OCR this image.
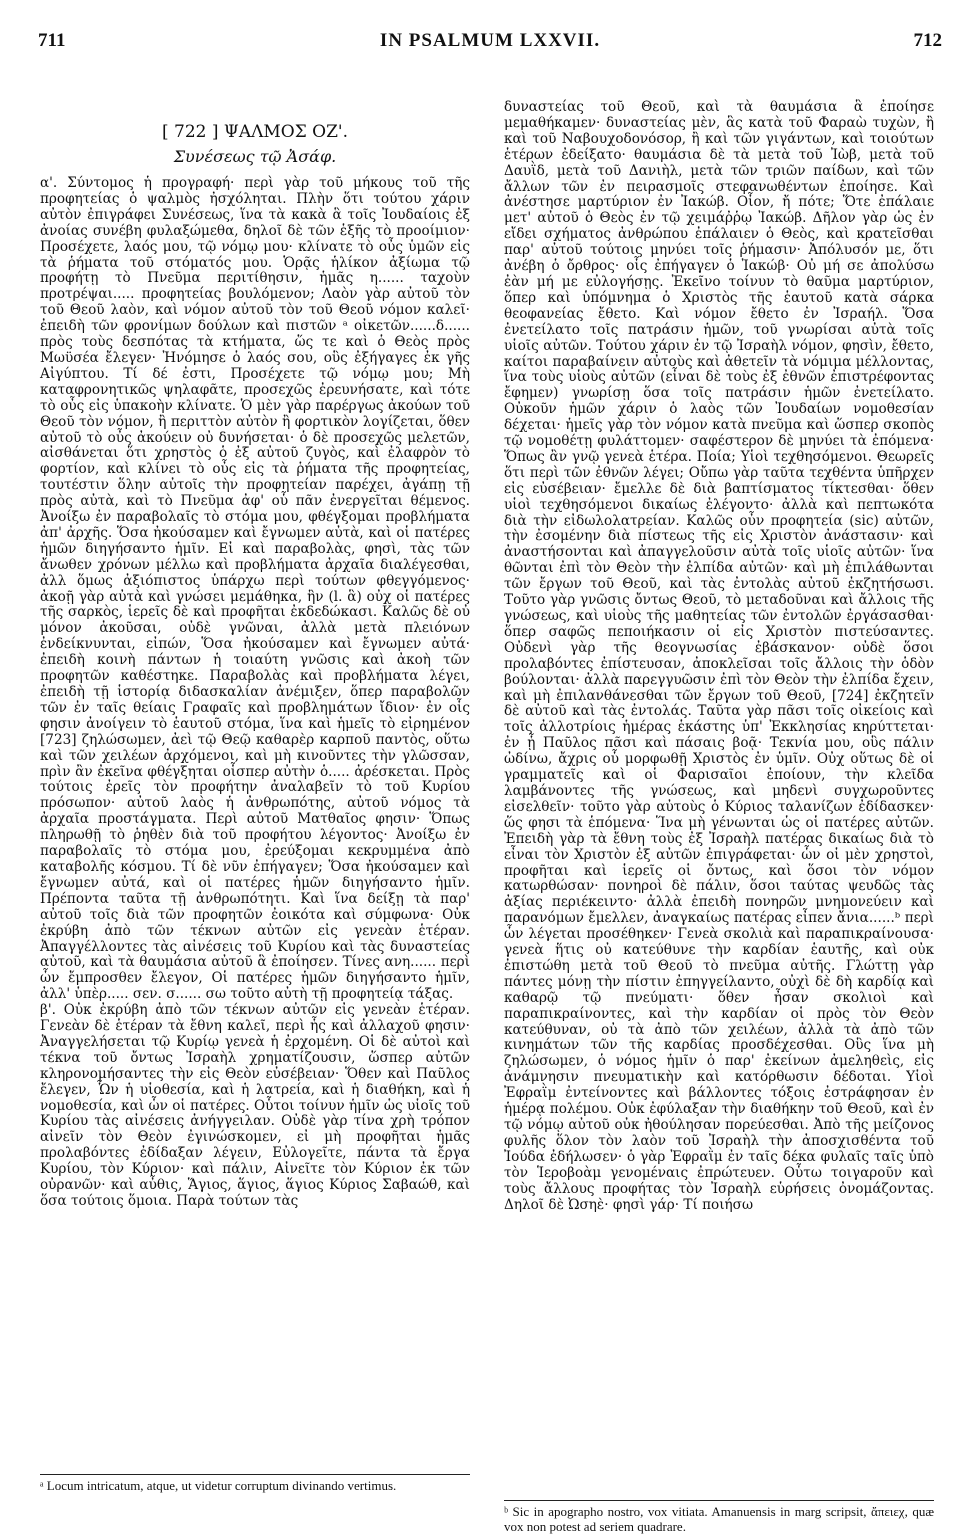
711	IN PSALMUM LXXVII.	712
[ 722 ] ΨΑΛΜΟΣ ΟΖ'.
Συνέσεως τῷ Ἀσάφ.

α'. Σύντομος ἡ προγραφή· περὶ γὰρ τοῦ μήκους τοῦ τῆς προφητείας ὁ ψαλμὸς ἠσχόληται. Πλὴν ὅτι τούτου χάριν αὐτὸν ἐπιγράφει Συνέσεως, ἵνα τὰ κακὰ ἃ τοῖς Ἰουδαίοις ἐξ ἀνοίας συνέβη φυλαξώμεθα, δηλοῖ δὲ τῶν ἑξῆς τὸ προοίμιον· Προσέχετε, λαός μου, τῷ νόμῳ μου· κλίνατε τὸ οὖς ὑμῶν εἰς τὰ ῥήματα τοῦ στόματός μου. Ὁρᾷς ἡλίκον ἀξίωμα τῷ προφήτῃ τὸ Πνεῦμα περιτίθησιν, ἡμᾶς η...... ταχοὺν προτρέψαι..... προφητείας βουλόμενον; Λαὸν γὰρ αὐτοῦ τὸν τοῦ Θεοῦ λαὸν, καὶ νόμον αὐτοῦ τὸν τοῦ Θεοῦ νόμον καλεῖ· ἐπειδὴ τῶν φρονίμων δούλων καὶ πιστῶν ᵃ οἰκετῶν......δ...... πρὸς τοὺς δεσπότας τὰ κτήματα, ὥς τε καὶ ὁ Θεὸς πρὸς Μωϋσέα ἔλεγεν· Ἠνόμησε ὁ λαός σου, οὓς ἐξήγαγες ἐκ γῆς Αἰγύπτου. Τί δέ ἐστι, Προσέχετε τῷ νόμῳ μου; Μὴ καταφρονητικῶς ψηλαφᾶτε, προσεχῶς ἐρευνήσατε, καὶ τότε τὸ οὖς εἰς ὑπακοὴν κλίνατε. Ὁ μὲν γὰρ παρέργως ἀκούων τοῦ Θεοῦ τὸν νόμον, ἢ περιττὸν αὐτὸν ἢ φορτικὸν λογίζεται, ὅθεν αὐτοῦ τὸ οὖς ἀκούειν οὐ δυνήσεται· ὁ δὲ προσεχῶς μελετῶν, αἰσθάνεται ὅτι χρηστὸς ὁ ἐξ αὐτοῦ ζυγὸς, καὶ ἐλαφρὸν τὸ φορτίον, καὶ κλίνει τὸ οὖς εἰς τὰ ῥήματα τῆς προφητείας, τουτέστιν ὅλην αὐτοῖς τὴν προφητείαν παρέχει, ἀγάπῃ τῇ πρὸς αὐτὰ, καὶ τὸ Πνεῦμα ἀφ' οὗ πᾶν ἐνεργεῖται θέμενος. Ἀνοίξω ἐν παραβολαῖς τὸ στόμα μου, φθέγξομαι προβλήματα ἀπ' ἀρχῆς. Ὅσα ἠκούσαμεν καὶ ἔγνωμεν αὐτὰ, καὶ οἱ πατέρες ἡμῶν διηγήσαντο ἡμῖν. Εἰ καὶ παραβολὰς, φησὶ, τὰς τῶν ἄνωθεν χρόνων μέλλω καὶ προβλήματα ἀρχαῖα διαλέγεσθαι, ἀλλ ὅμως ἀξιόπιστος ὑπάρχω περὶ τούτων φθεγγόμενος· ἀκοῇ γὰρ αὐτὰ καὶ γνώσει μεμάθηκα, ἣν (l. ἃ) οὐχ οἱ πατέρες τῆς σαρκὸς, ἱερεῖς δὲ καὶ προφῆται ἐκδεδώκασι. Καλῶς δὲ οὐ μόνον ἀκοῦσαι, οὐδὲ γνῶναι, ἀλλὰ μετὰ πλειόνων ἐνδείκνυνται, εἰπών, Ὅσα ἠκούσαμεν καὶ ἔγνωμεν αὐτά· ἐπειδὴ κοινὴ πάντων ἡ τοιαύτη γνῶσις καὶ ἀκοὴ τῶν προφητῶν καθέστηκε. Παραβολὰς καὶ προβλήματα λέγει, ἐπειδὴ τῇ ἱστορίᾳ διδασκαλίαν ἀνέμιξεν, ὅπερ παραβολῶν τῶν ἐν ταῖς θείαις Γραφαῖς καὶ προβλημάτων ἴδιον· ἐν οἷς φησιν ἀνοίγειν τὸ ἑαυτοῦ στόμα, ἵνα καὶ ἡμεῖς τὸ εἰρημένον [723] ζηλώσωμεν, ἀεὶ τῷ Θεῷ καθαρὲρ καρποῦ παντὸς, οὕτω καὶ τῶν χειλέων ἀρχόμενοι, καὶ μὴ κινοῦντες τὴν γλῶσσαν, πρὶν ἂν ἐκεῖνα φθέγξηται οἷσπερ αὐτὴν ὁ..... ἀρέσκεται. Πρὸς τούτοις ἐρεῖς τὸν προφήτην ἀναλαβεῖν τὸ τοῦ Κυρίου πρόσωπον· αὐτοῦ λαὸς ἡ ἀνθρωπότης, αὐτοῦ νόμος τὰ ἀρχαῖα προστάγματα. Περὶ αὐτοῦ Ματθαῖος φησιν· Ὅπως πληρωθῇ τὸ ῥηθὲν διὰ τοῦ προφήτου λέγοντος· Ἀνοίξω ἐν παραβολαῖς τὸ στόμα μου, ἐρεύξομαι κεκρυμμένα ἀπὸ καταβολῆς κόσμου. Τί δὲ νῦν ἐπήγαγεν; Ὅσα ἠκούσαμεν καὶ ἔγνωμεν αὐτά, καὶ οἱ πατέρες ἡμῶν διηγήσαντο ἡμῖν. Πρέποντα ταῦτα τῇ ἀνθρωπότητι. Καὶ ἵνα δείξῃ τὰ παρ' αὐτοῦ τοῖς διὰ τῶν προφητῶν ἐοικότα καὶ σύμφωνα· Οὐκ ἐκρύβη ἀπὸ τῶν τέκνων αὐτῶν εἰς γενεὰν ἑτέραν. Ἀπαγγέλλοντες τὰς αἰνέσεις τοῦ Κυρίου καὶ τὰς δυναστείας αὐτοῦ, καὶ τὰ θαυμάσια αὐτοῦ ἃ ἐποίησεν. Τίνες ανη...... περὶ ὧν ἔμπροσθεν ἔλεγον, Οἱ πατέρες ἡμῶν διηγήσαντο ἡμῖν, ἀλλ' ὑπὲρ..... σεν. σ...... σω τοῦτο αὐτὴ τῇ προφητείᾳ τάξας.

β'. Οὐκ ἐκρύβη ἀπὸ τῶν τέκνων αὐτῶν εἰς γενεὰν ἑτέραν. Γενεὰν δὲ ἑτέραν τὰ ἔθνη καλεῖ, περὶ ἧς καὶ ἀλλαχοῦ φησιν· Ἀναγγελήσεται τῷ Κυρίῳ γενεὰ ἡ ἐρχομένη. Οἱ δὲ αὐτοὶ καὶ τέκνα τοῦ ὄντως Ἰσραὴλ χρηματίζουσιν, ὥσπερ αὐτῶν κληρονομήσαντες τὴν εἰς Θεὸν εὐσέβειαν· Ὅθεν καὶ Παῦλος ἔλεγεν, Ὧν ἡ υἱοθεσία, καὶ ἡ λατρεία, καὶ ἡ διαθήκη, καὶ ἡ νομοθεσία, καὶ ὧν οἱ πατέρες. Οὗτοι τοίνυν ἡμῖν ὡς υἱοῖς τοῦ Κυρίου τὰς αἰνέσεις ἀνήγγειλαν. Οὐδὲ γὰρ τίνα χρὴ τρόπον αἰνεῖν τὸν Θεὸν ἐγινώσκομεν, εἰ μὴ προφῆται ἡμᾶς προλαβόντες ἐδίδαξαν λέγειν, Εὐλογεῖτε, πάντα τὰ ἔργα Κυρίου, τὸν Κύριον· καὶ πάλιν, Αἰνεῖτε τὸν Κύριον ἐκ τῶν οὐρανῶν· καὶ αὖθις, Ἅγιος, ἅγιος, ἅγιος Κύριος Σαβαώθ, καὶ ὅσα τούτοις ὅμοια. Παρὰ τούτων τὰς

δυναστείας τοῦ Θεοῦ, καὶ τὰ θαυμάσια ἃ ἐποίησε μεμαθήκαμεν· δυναστείας μὲν, ἃς κατὰ τοῦ Φαραὼ τυχὼν, ἢ καὶ τοῦ Ναβουχοδονόσορ, ἢ καὶ τῶν γιγάντων, καὶ τοιούτων ἑτέρων ἐδείξατο· θαυμάσια δὲ τὰ μετὰ τοῦ Ἰὼβ, μετὰ τοῦ Δαυῒδ, μετὰ τοῦ Δανιὴλ, μετὰ τῶν τριῶν παίδων, καὶ τῶν ἄλλων τῶν ἐν πειρασμοῖς στεφανωθέντων ἐποίησε. Καὶ ἀνέστησε μαρτύριον ἐν Ἰακώβ. Οἷον, ἤ πότε; Ὅτε ἐπάλαιε μετ' αὐτοῦ ὁ Θεὸς ἐν τῷ χειμάῤῥῳ Ἰακώβ. Δῆλον γὰρ ὡς ἐν εἴδει σχήματος ἀνθρώπου ἐπάλαιεν ὁ Θεὸς, καὶ κρατεῖσθαι παρ' αὐτοῦ τούτοις μηνύει τοῖς ῥήμασιν· Ἀπόλυσόν με, ὅτι ἀνέβη ὁ ὄρθρος· οἷς ἐπήγαγεν ὁ Ἰακώβ· Οὐ μή σε ἀπολύσω ἐὰν μή με εὐλογήσῃς. Ἐκεῖνο τοίνυν τὸ θαῦμα μαρτύριον, ὅπερ καὶ ὑπόμνημα ὁ Χριστὸς τῆς ἑαυτοῦ κατὰ σάρκα θεοφανείας ἔθετο. Καὶ νόμον ἔθετο ἐν Ἰσραήλ. Ὅσα ἐνετείλατο τοῖς πατράσιν ἡμῶν, τοῦ γνωρίσαι αὐτὰ τοῖς υἱοῖς αὐτῶν. Τούτου χάριν ἐν τῷ Ἰσραὴλ νόμον, φησὶν, ἔθετο, καίτοι παραβαίνειν αὐτοὺς καὶ ἀθετεῖν τὰ νόμιμα μέλλοντας, ἵνα τοὺς υἱοὺς αὐτῶν (εἶναι δὲ τοὺς ἐξ ἐθνῶν ἐπιστρέφοντας ἔφημεν) γνωρίσῃ ὅσα τοῖς πατράσιν ἡμῶν ἐνετείλατο. Οὐκοῦν ἡμῶν χάριν ὁ λαὸς τῶν Ἰουδαίων νομοθεσίαν δέχεται· ἡμεῖς γὰρ τὸν νόμον κατὰ πνεῦμα καὶ ὥσπερ σκοπὸς τῷ νομοθέτῃ φυλάττομεν· σαφέστερον δὲ μηνύει τὰ ἐπόμενα· Ὅπως ἂν γνῷ γενεὰ ἑτέρα. Ποία; Υἱοὶ τεχθησόμενοι. Θεωρεῖς ὅτι περὶ τῶν ἐθνῶν λέγει; Οὔπω γὰρ ταῦτα τεχθέντα ὑπῆρχεν εἰς εὐσέβειαν· ἔμελλε δὲ διὰ βαπτίσματος τίκτεσθαι· ὅθεν υἱοὶ τεχθησόμενοι δικαίως ἐλέγοντο· ἀλλὰ καὶ πεπτωκότα διὰ τὴν εἰδωλολατρείαν. Καλῶς οὖν προφητεία (sic) αὐτῶν, τὴν ἐσομένην διὰ πίστεως τῆς εἰς Χριστὸν ἀνάστασιν· καὶ ἀναστήσονται καὶ ἀπαγγελοῦσιν αὐτὰ τοῖς υἱοῖς αὐτῶν· ἵνα θῶνται ἐπὶ τὸν Θεὸν τὴν ἐλπίδα αὐτῶν· καὶ μὴ ἐπιλάθωνται τῶν ἔργων τοῦ Θεοῦ, καὶ τὰς ἐντολὰς αὐτοῦ ἐκζητήσωσι. Τοῦτο γὰρ γνῶσις ὄντως Θεοῦ, τὸ μεταδοῦναι καὶ ἄλλοις τῆς γνώσεως, καὶ υἱοὺς τῆς μαθητείας τῶν ἐντολῶν ἐργάσασθαι· ὅπερ σαφῶς πεποιήκασιν οἱ εἰς Χριστὸν πιστεύσαντες. Οὐδενὶ γὰρ τῆς θεογνωσίας ἐβάσκανον· οὐδὲ ὅσοι προλαβόντες ἐπίστευσαν, ἀποκλεῖσαι τοῖς ἄλλοις τὴν ὁδὸν βούλονται· ἀλλὰ παρεγγυῶσιν ἐπὶ τὸν Θεὸν τὴν ἐλπίδα ἔχειν, καὶ μὴ ἐπιλανθάνεσθαι τῶν ἔργων τοῦ Θεοῦ, [724] ἐκζητεῖν δὲ αὐτοῦ καὶ τὰς ἐντολάς. Ταῦτα γὰρ πᾶσι τοῖς οἰκείοις καὶ τοῖς ἀλλοτρίοις ἡμέρας ἑκάστης ὑπ' Ἐκκλησίας κηρύττεται· ἐν ᾗ Παῦλος πᾶσι καὶ πάσαις βοᾷ· Τεκνία μου, οὓς πάλιν ὠδίνω, ἄχρις οὗ μορφωθῇ Χριστὸς ἐν ὑμῖν. Οὐχ οὕτως δὲ οἱ γραμματεῖς καὶ οἱ Φαρισαῖοι ἐποίουν, τὴν κλεῖδα λαμβάνοντες τῆς γνώσεως, καὶ μηδενὶ συγχωροῦντες εἰσελθεῖν· τοῦτο γὰρ αὐτοὺς ὁ Κύριος ταλανίζων ἐδίδασκεν· ὥς φησι τὰ ἑπόμενα· Ἵνα μὴ γένωνται ὡς οἱ πατέρες αὐτῶν. Ἐπειδὴ γὰρ τὰ ἔθνη τοὺς ἐξ Ἰσραὴλ πατέρας δικαίως διὰ τὸ εἶναι τὸν Χριστὸν ἐξ αὐτῶν ἐπιγράφεται· ὧν οἱ μὲν χρηστοὶ, προφῆται καὶ ἱερεῖς οἱ ὄντως, καὶ ὅσοι τὸν νόμον κατωρθώσαν· πονηροὶ δὲ πάλιν, ὅσοι ταύτας ψευδῶς τὰς ἀξίας περιέκειντο· ἀλλὰ ἐπειδὴ πονηρῶν μνημονεύειν καὶ παρανόμων ἔμελλεν, ἀναγκαίως πατέρας εἶπεν ἄνια......ᵇ περὶ ὧν λέγεται προσέθηκεν· Γενεὰ σκολιὰ καὶ παραπικραίνουσα· γενεὰ ἥτις οὐ κατεύθυνε τὴν καρδίαν ἑαυτῆς, καὶ οὐκ ἐπιστώθη μετὰ τοῦ Θεοῦ τὸ πνεῦμα αὐτῆς. Γλώττῃ γὰρ πάντες μόνῃ τὴν πίστιν ἐπηγγείλαντο, οὐχὶ δὲ δὴ καρδίᾳ καὶ καθαρῷ τῷ πνεύματι· ὅθεν ἦσαν σκολιοὶ καὶ παραπικραίνοντες, καὶ τὴν καρδίαν οἱ πρὸς τὸν Θεὸν κατεύθυναν, οὐ τὰ ἀπὸ τῶν χειλέων, ἀλλὰ τὰ ἀπὸ τῶν κινημάτων τῶν τῆς καρδίας προσδέχεσθαι. Οὓς ἵνα μὴ ζηλώσωμεν, ὁ νόμος ἡμῖν ὁ παρ' ἐκείνων ἀμεληθεὶς, εἰς ἀνάμνησιν πνευματικὴν καὶ κατόρθωσιν δέδοται. Υἱοὶ Ἐφραῒμ ἐντείνοντες καὶ βάλλοντες τόξοις ἐστράφησαν ἐν ἡμέρᾳ πολέμου. Οὐκ ἐφύλαξαν τὴν διαθήκην τοῦ Θεοῦ, καὶ ἐν τῷ νόμῳ αὐτοῦ οὐκ ἠθούλησαν πορεύεσθαι. Ἀπὸ τῆς μείζονος φυλῆς ὅλον τὸν λαὸν τοῦ Ἰσραὴλ τὴν ἀποσχισθέντα τοῦ Ἰούδα ἐδήλωσεν· ὁ γὰρ Ἐφραῒμ ἐν ταῖς δέκα φυλαῖς ταῖς ὑπὸ τὸν Ἱεροβοὰμ γενομέναις ἐπρώτευεν. Οὗτω τοιγαροῦν καὶ τοὺς ἄλλους προφήτας τὸν Ἰσραὴλ εὑρήσεις ὀνομάζοντας. Δηλοῖ δὲ Ὠσηὲ· φησὶ γάρ· Τί ποιήσω

ᵃ Locum intricatum, atque, ut videtur corruptum divinando vertimus.
ᵇ Sic in apographo nostro, vox vitiata. Amanuensis in marg scripsit, ἄπειεχ, quæ vox non potest ad seriem quadrare.
